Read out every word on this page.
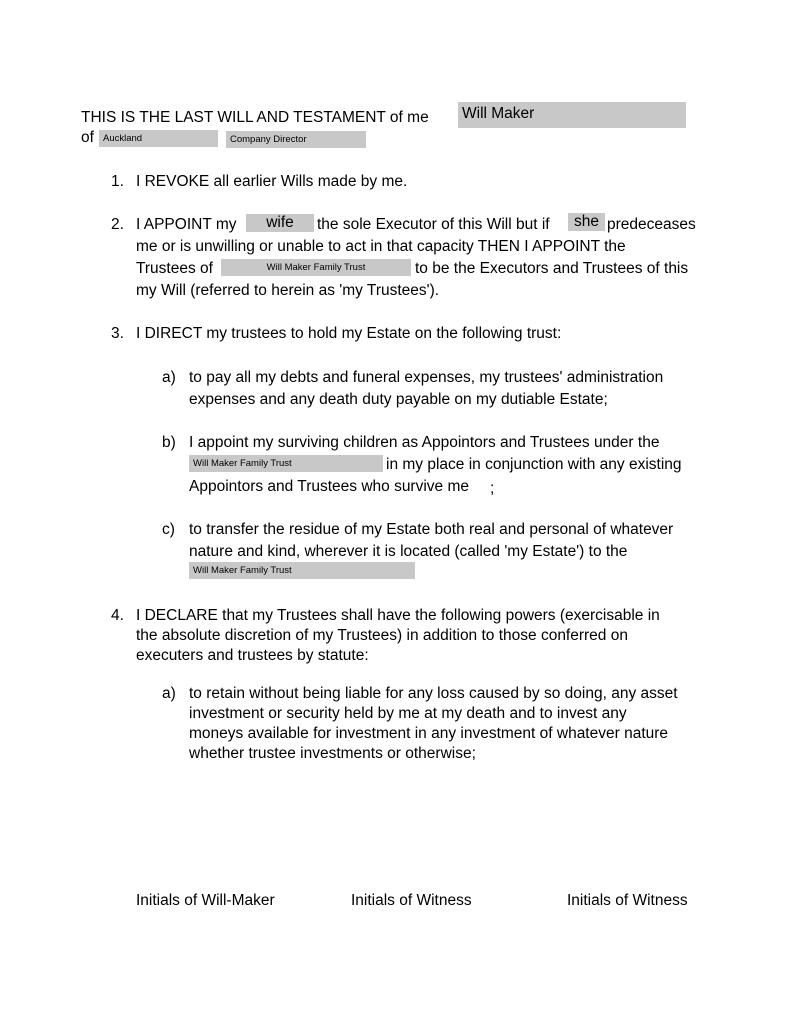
THIS IS THE LAST WILL AND TESTAMENT of me Will Maker
of Auckland	Company Director
1. I REVOKE all earlier Wills made by me.
2. I APPOINT my	wife	the sole Executor of this Will but if	she predeceases
me or is unwilling or unable to act in that capacity THEN I APPOINT the
Trustees of	Will Maker Family Trust	to be the Executors and Trustees of this
my Will (referred to herein as 'my Trustees').
3. I DIRECT my trustees to hold my Estate on the following trust:
a) to pay all my debts and funeral expenses, my trustees' administration
expenses and any death duty payable on my dutiable Estate;
b) I appoint my surviving children as Appointors and Trustees under the
Will Maker Family Trust	in my place in conjunction with any existing
Appointors and Trustees who survive me ;
c) to transfer the residue of my Estate both real and personal of whatever
nature and kind, wherever it is located (called 'my Estate') to the
Will Maker Family Trust
4. I DECLARE that my Trustees shall have the following powers (exercisable in
the absolute discretion of my Trustees) in addition to those conferred on
executers and trustees by statute:
a) to retain without being liable for any loss caused by so doing, any asset
investment or security held by me at my death and to invest any
moneys available for investment in any investment of whatever nature
whether trustee investments or otherwise;
Initials of Will-Maker	Initials of Witness	Initials of Witness
